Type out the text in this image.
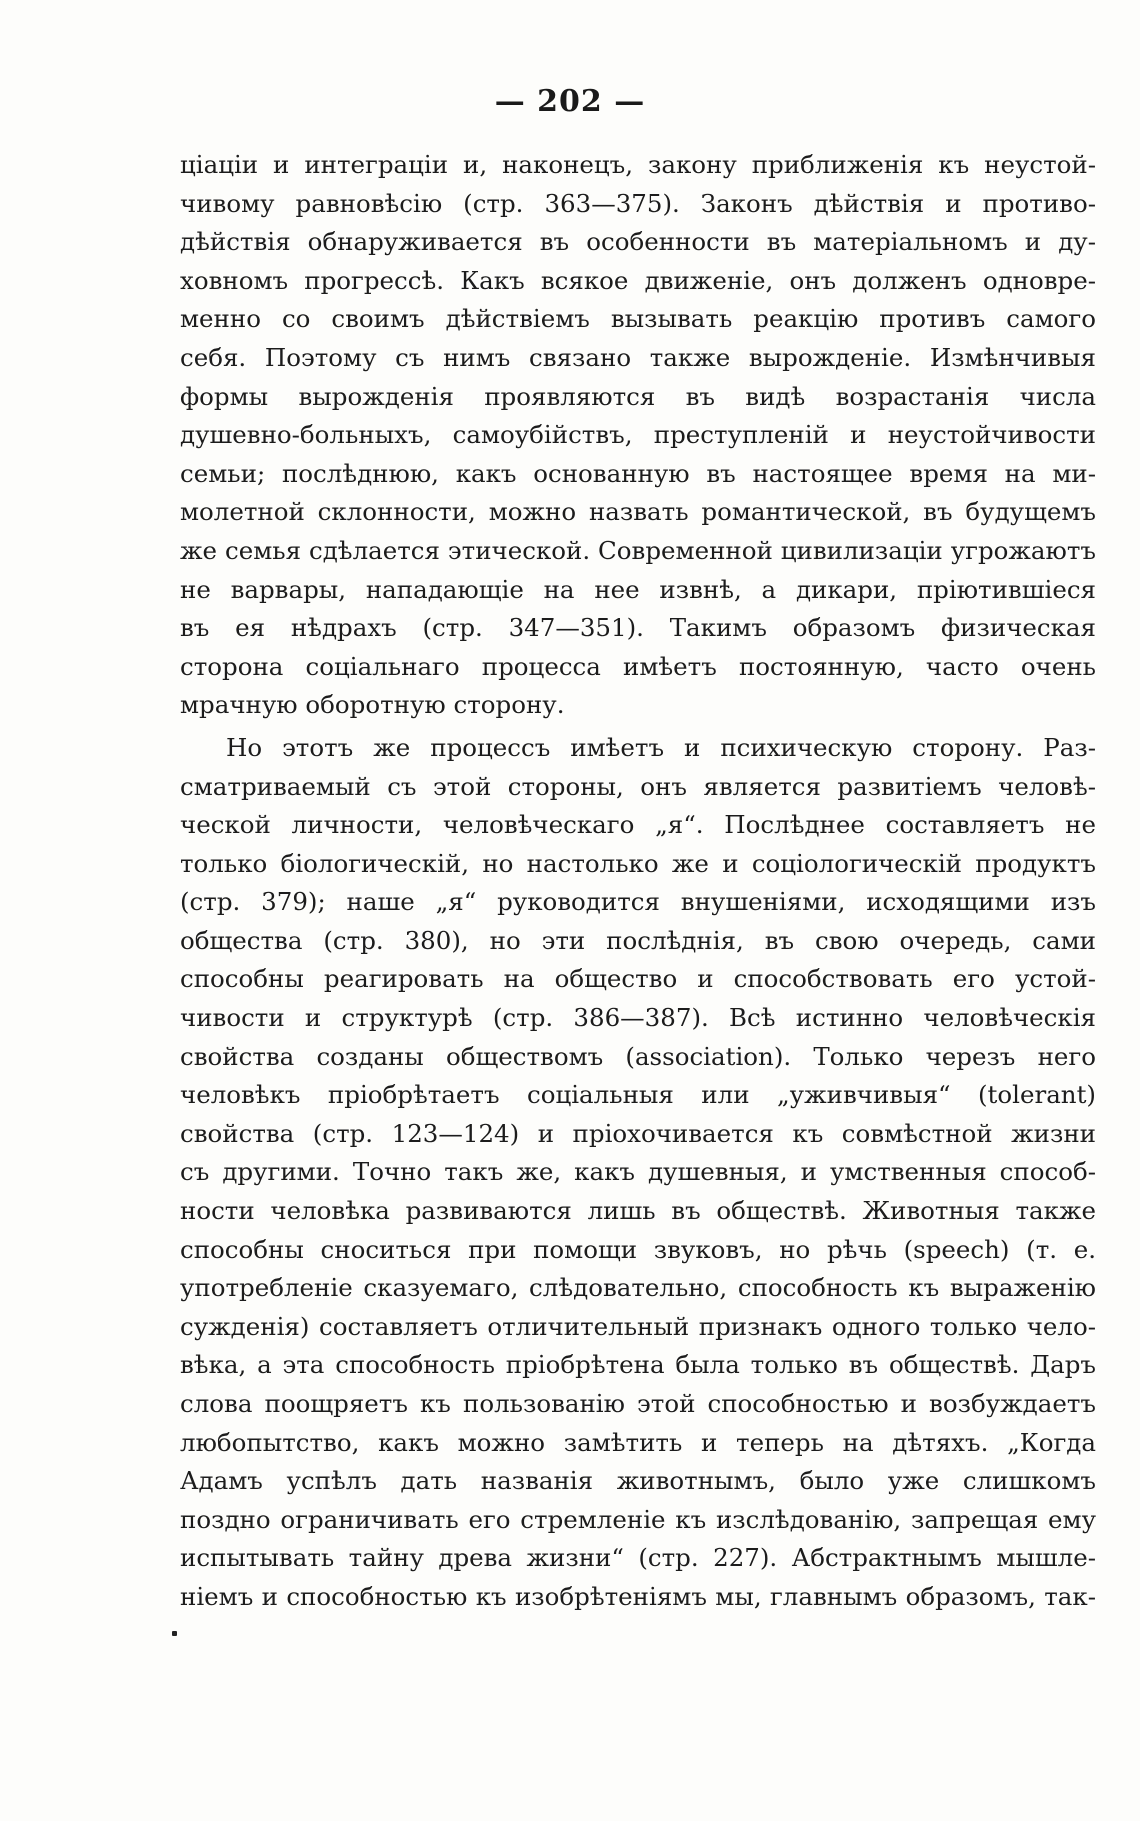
— 202 —
ціаціи и интеграціи и, наконецъ, закону приближенія къ неустой-
чивому равновѣсію (стр. 363—375). Законъ дѣйствія и противо-
дѣйствія обнаруживается въ особенности въ матеріальномъ и ду-
ховномъ прогрессѣ. Какъ всякое движеніе, онъ долженъ одновре-
менно со своимъ дѣйствіемъ вызывать реакцію противъ самого
себя. Поэтому съ нимъ связано также вырожденіе. Измѣнчивыя
формы вырожденія проявляются въ видѣ возрастанія числа
душевно-больныхъ, самоубійствъ, преступленій и неустойчивости
семьи; послѣднюю, какъ основанную въ настоящее время на ми-
молетной склонности, можно назвать романтической, въ будущемъ
же семья сдѣлается этической. Современной цивилизаціи угрожаютъ
не варвары, нападающіе на нее извнѣ, а дикари, пріютившіеся
въ ея нѣдрахъ (стр. 347—351). Такимъ образомъ физическая
сторона соціальнаго процесса имѣетъ постоянную, часто очень
мрачную оборотную сторону.
Но этотъ же процессъ имѣетъ и психическую сторону. Раз-
сматриваемый съ этой стороны, онъ является развитіемъ человѣ-
ческой личности, человѣческаго „я“. Послѣднее составляетъ не
только біологическій, но настолько же и соціологическій продуктъ
(стр. 379); наше „я“ руководится внушеніями, исходящими изъ
общества (стр. 380), но эти послѣднія, въ свою очередь, сами
способны реагировать на общество и способствовать его устой-
чивости и структурѣ (стр. 386—387). Всѣ истинно человѣческія
свойства созданы обществомъ (association). Только черезъ него
человѣкъ пріобрѣтаетъ соціальныя или „уживчивыя“ (tolerant)
свойства (стр. 123—124) и пріохочивается къ совмѣстной жизни
съ другими. Точно такъ же, какъ душевныя, и умственныя способ-
ности человѣка развиваются лишь въ обществѣ. Животныя также
способны сноситься при помощи звуковъ, но рѣчь (speech) (т. е.
употребленіе сказуемаго, слѣдовательно, способность къ выраженію
сужденія) составляетъ отличительный признакъ одного только чело-
вѣка, а эта способность пріобрѣтена была только въ обществѣ. Даръ
слова поощряетъ къ пользованію этой способностью и возбуждаетъ
любопытство, какъ можно замѣтить и теперь на дѣтяхъ. „Когда
Адамъ успѣлъ дать названія животнымъ, было уже слишкомъ
поздно ограничивать его стремленіе къ изслѣдованію, запрещая ему
испытывать тайну древа жизни“ (стр. 227). Абстрактнымъ мышле-
ніемъ и способностью къ изобрѣтеніямъ мы, главнымъ образомъ, так-
